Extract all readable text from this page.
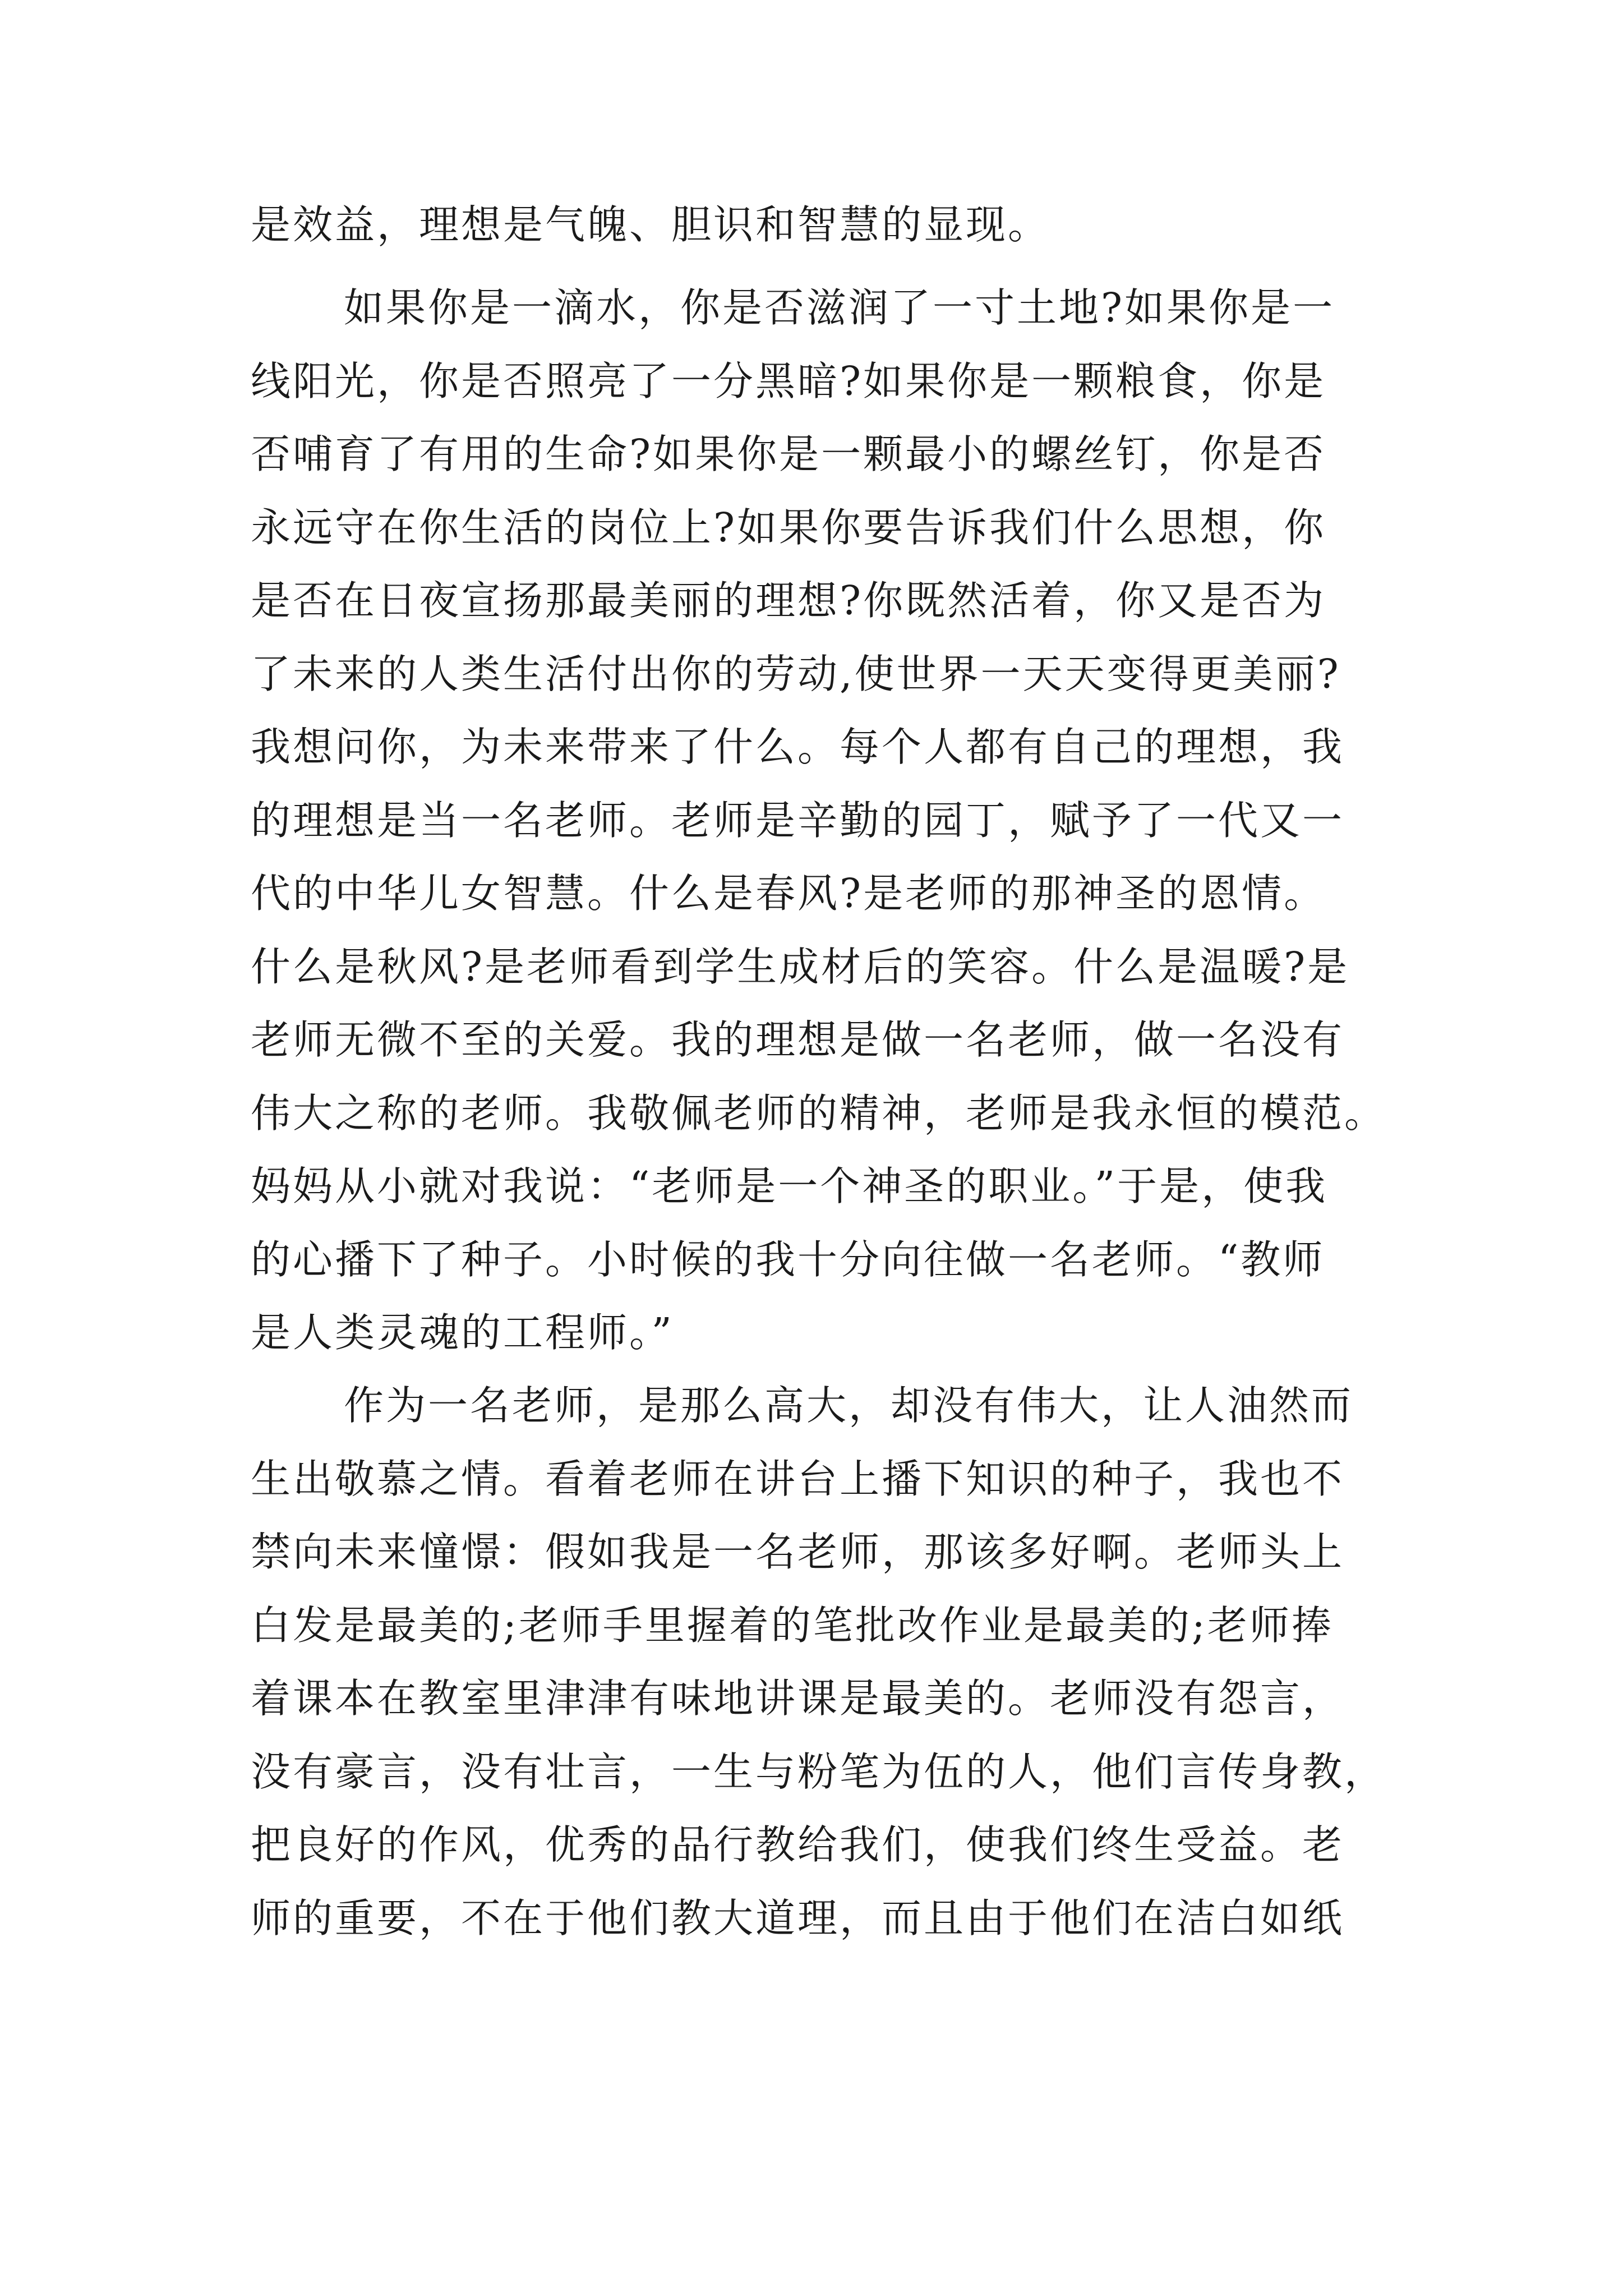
是效益，理想是气魄、胆识和智慧的显现。
如果你是一滴水，你是否滋润了一寸土地?如果你是一
线阳光，你是否照亮了一分黑暗?如果你是一颗粮食，你是
否哺育了有用的生命?如果你是一颗最小的螺丝钉，你是否
永远守在你生活的岗位上?如果你要告诉我们什么思想，你
是否在日夜宣扬那最美丽的理想?你既然活着，你又是否为
了未来的人类生活付出你的劳动,使世界一天天变得更美丽?
我想问你，为未来带来了什么。每个人都有自己的理想，我
的理想是当一名老师。老师是辛勤的园丁，赋予了一代又一
代的中华儿女智慧。什么是春风?是老师的那神圣的恩情。
什么是秋风?是老师看到学生成材后的笑容。什么是温暖?是
老师无微不至的关爱。我的理想是做一名老师，做一名没有
伟大之称的老师。我敬佩老师的精神，老师是我永恒的模范。
妈妈从小就对我说：“老师是一个神圣的职业。”于是，使我
的心播下了种子。小时候的我十分向往做一名老师。“教师
是人类灵魂的工程师。”
作为一名老师，是那么高大，却没有伟大，让人油然而
生出敬慕之情。看着老师在讲台上播下知识的种子，我也不
禁向未来憧憬：假如我是一名老师，那该多好啊。老师头上
白发是最美的;老师手里握着的笔批改作业是最美的;老师捧
着课本在教室里津津有味地讲课是最美的。老师没有怨言，
没有豪言，没有壮言，一生与粉笔为伍的人，他们言传身教，
把良好的作风，优秀的品行教给我们，使我们终生受益。老
师的重要，不在于他们教大道理，而且由于他们在洁白如纸
